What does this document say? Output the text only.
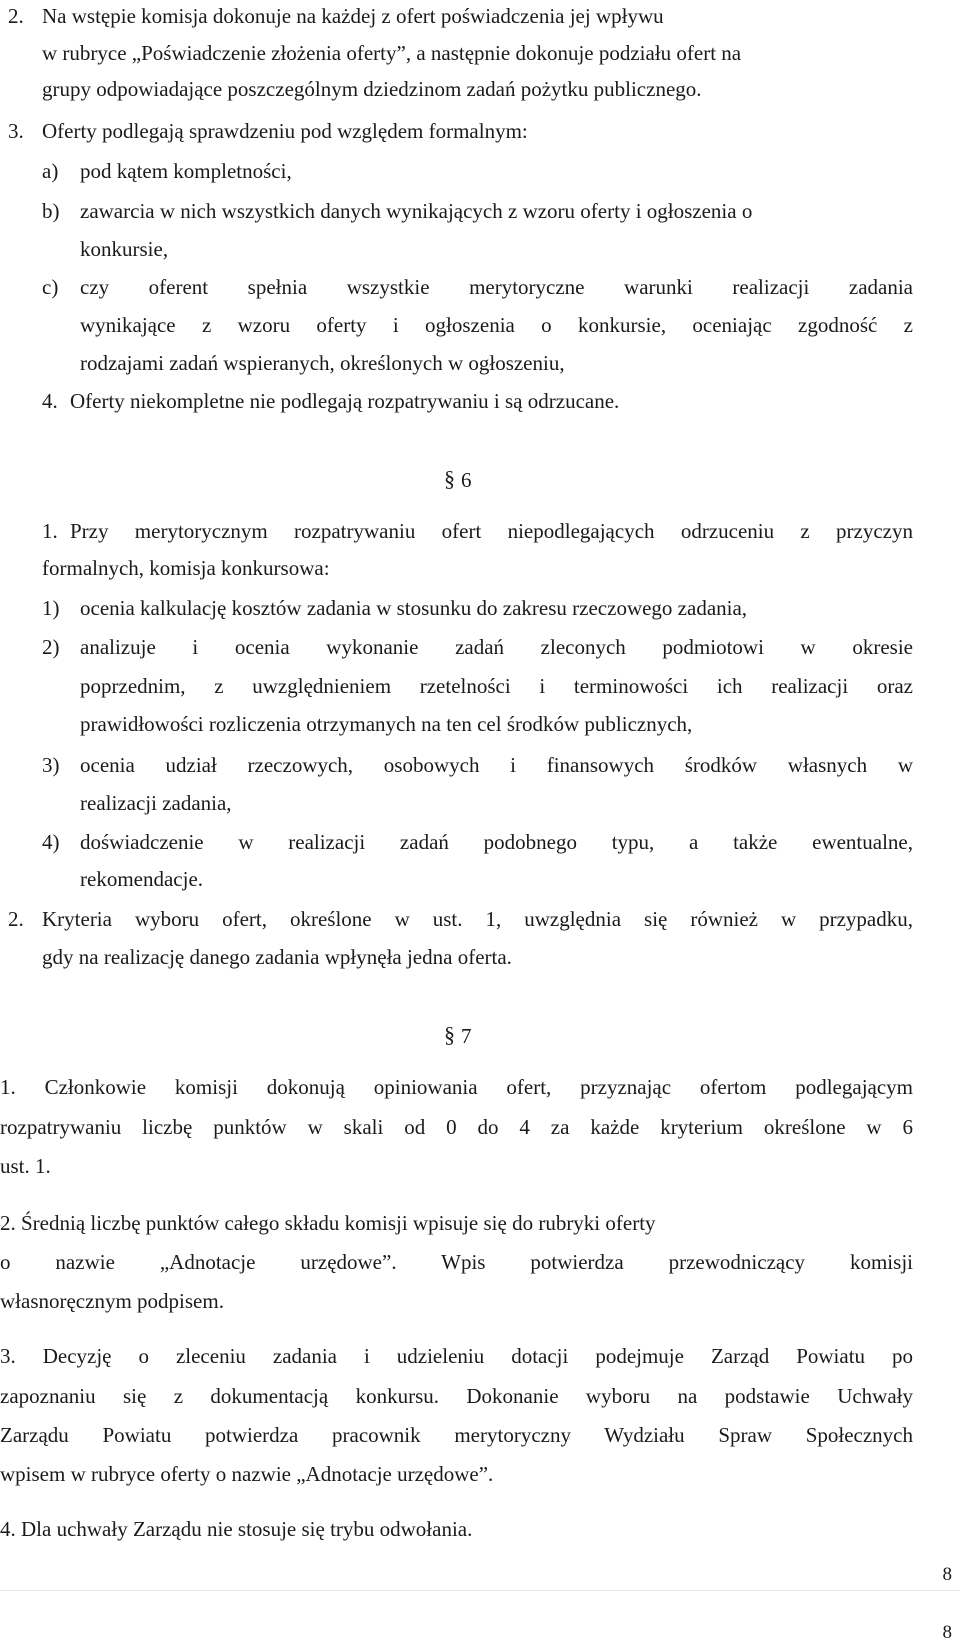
2. Na wstępie komisja dokonuje na każdej z ofert poświadczenia jej wpływu
w rubryce „Poświadczenie złożenia oferty”, a następnie dokonuje podziału ofert na
grupy odpowiadające poszczególnym dziedzinom zadań pożytku publicznego.
3. Oferty podlegają sprawdzeniu pod względem formalnym:
a) pod kątem kompletności,
b) zawarcia w nich wszystkich danych wynikających z wzoru oferty i ogłoszenia o
konkursie,
c) czy oferent spełnia wszystkie merytoryczne warunki realizacji zadania
wynikające z wzoru oferty i ogłoszenia o konkursie, oceniając zgodność z
rodzajami zadań wspieranych, określonych w ogłoszeniu,
4. Oferty niekompletne nie podlegają rozpatrywaniu i są odrzucane.
§ 6
1. Przy merytorycznym rozpatrywaniu ofert niepodlegających odrzuceniu z przyczyn
formalnych, komisja konkursowa:
1) ocenia kalkulację kosztów zadania w stosunku do zakresu rzeczowego zadania,
2) analizuje i ocenia wykonanie zadań zleconych podmiotowi w okresie
poprzednim, z uwzględnieniem rzetelności i terminowości ich realizacji oraz
prawidłowości rozliczenia otrzymanych na ten cel środków publicznych,
3) ocenia udział rzeczowych, osobowych i finansowych środków własnych w
realizacji zadania,
4) doświadczenie w realizacji zadań podobnego typu, a także ewentualne,
rekomendacje.
2. Kryteria wyboru ofert, określone w ust. 1, uwzględnia się również w przypadku,
gdy na realizację danego zadania wpłynęła jedna oferta.
§ 7
1. Członkowie komisji dokonują opiniowania ofert, przyznając ofertom podlegającym
rozpatrywaniu liczbę punktów w skali od 0 do 4 za każde kryterium określone w 6
ust. 1.
2. Średnią liczbę punktów całego składu komisji wpisuje się do rubryki oferty
o nazwie „Adnotacje urzędowe”. Wpis potwierdza przewodniczący komisji
własnoręcznym podpisem.
3. Decyzję o zleceniu zadania i udzieleniu dotacji podejmuje Zarząd Powiatu po
zapoznaniu się z dokumentacją konkursu. Dokonanie wyboru na podstawie Uchwały
Zarządu Powiatu potwierdza pracownik merytoryczny Wydziału Spraw Społecznych
wpisem w rubryce oferty o nazwie „Adnotacje urzędowe”.
4. Dla uchwały Zarządu nie stosuje się trybu odwołania.
8
8
